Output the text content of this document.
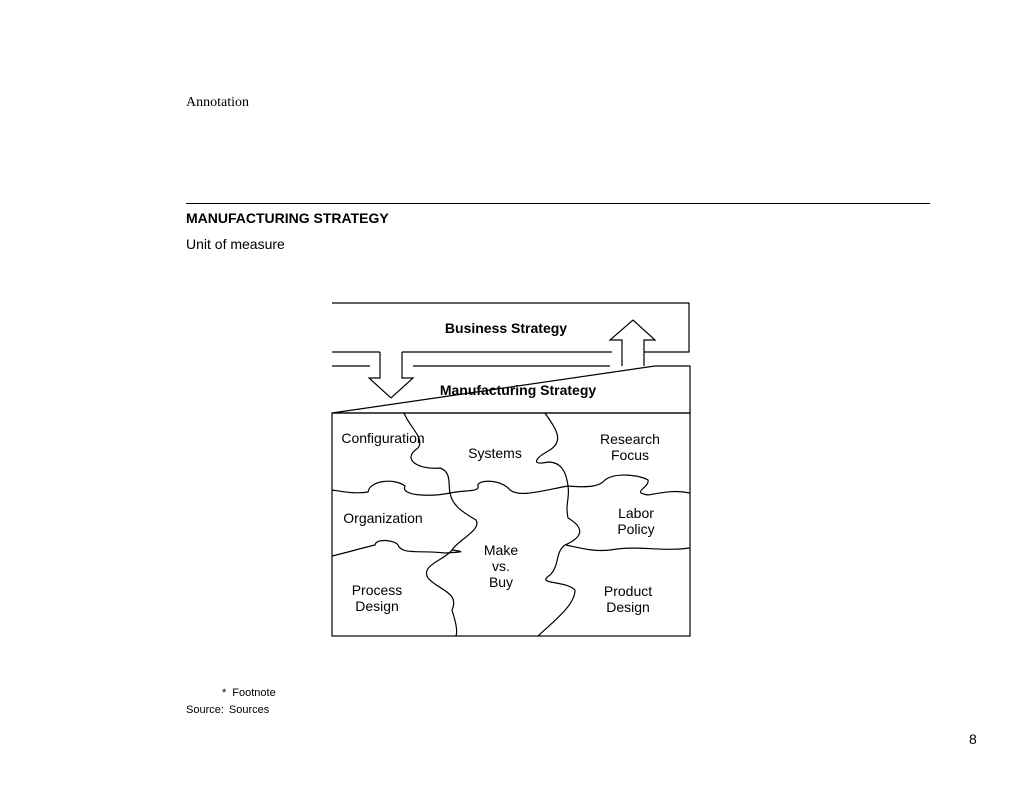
Annotation
MANUFACTURING STRATEGY
Unit of measure
Business Strategy
Manufacturing Strategy
Configuration
Systems
Research
Focus
Organization	Labor
Policy
Make
vs.
Buy
Process
Design
Product
Design
* Footnote
Source: Sources
8
